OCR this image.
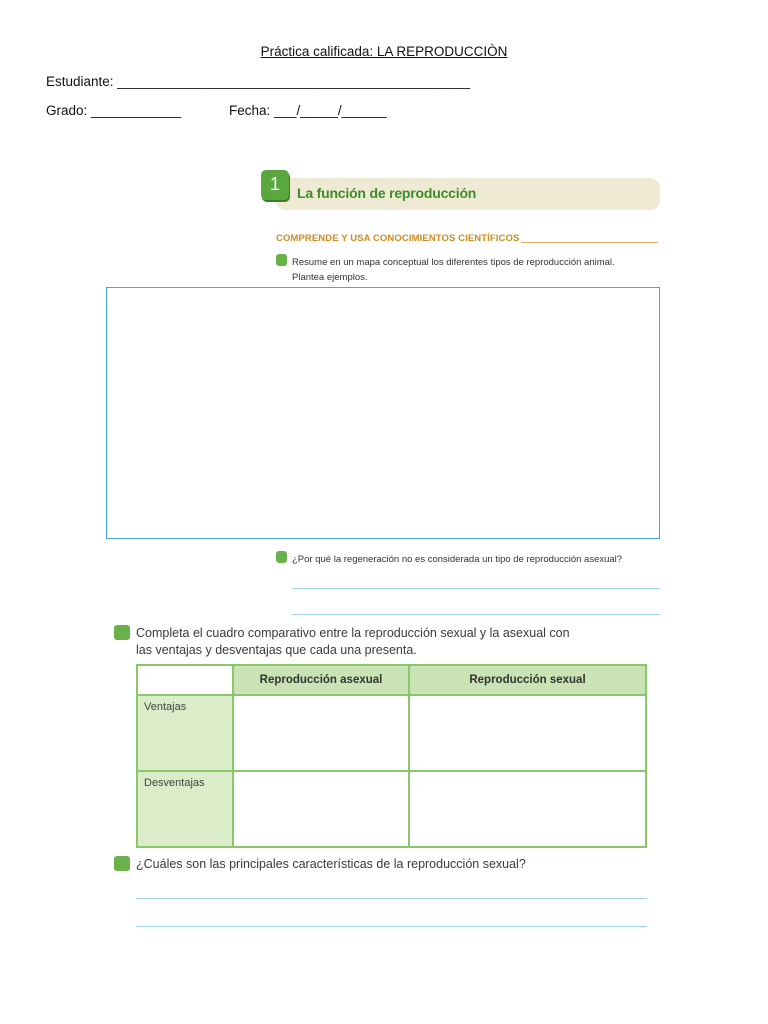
Práctica calificada: LA REPRODUCCIÒN
Estudiante: _______________________________________________
Grado: ____________	Fecha: ___/_____/______
1	La función de reproducción
COMPRENDE Y USA CONOCIMIENTOS CIENTÍFICOS
Resume en un mapa conceptual los diferentes tipos de reproducción animal.
Plantea ejemplos.
¿Por qué la regeneración no es considerada un tipo de reproducción asexual?
Completa el cuadro comparativo entre la reproducción sexual y la asexual con
las ventajas y desventajas que cada una presenta.
	Reproducción asexual	Reproducción sexual
Ventajas		
Desventajas		
¿Cuáles son las principales características de la reproducción sexual?
